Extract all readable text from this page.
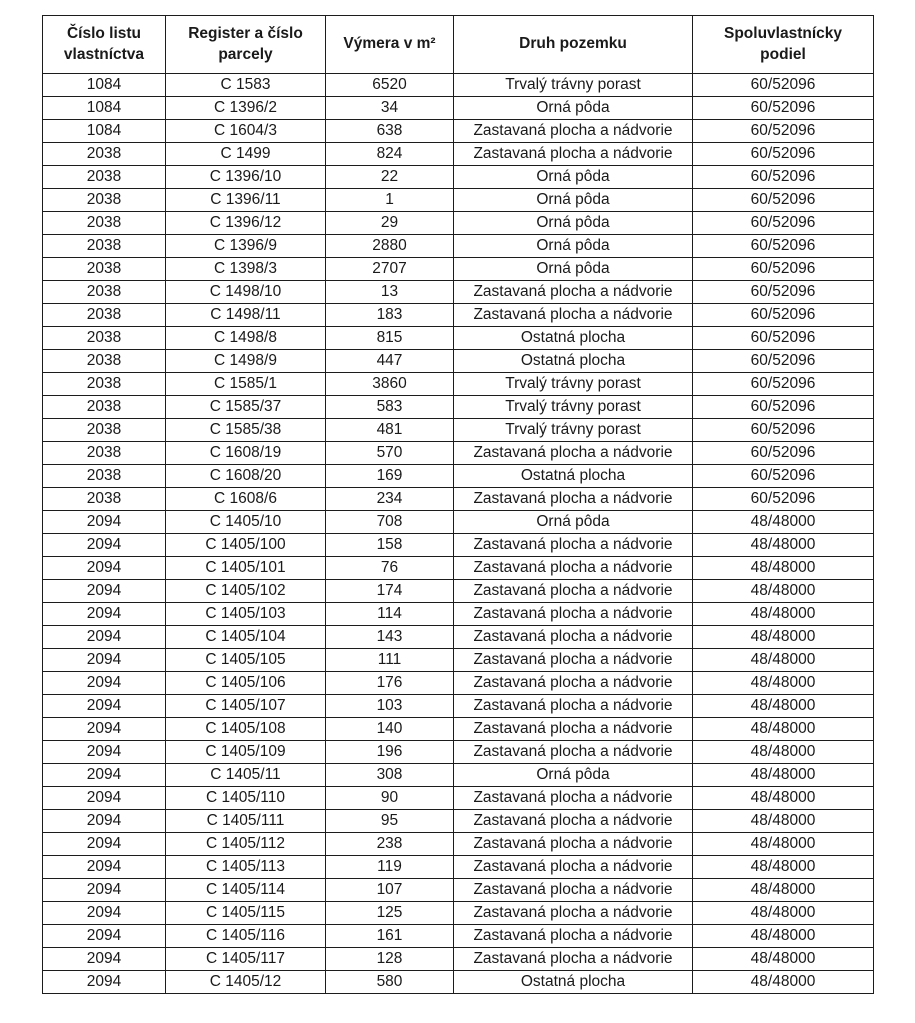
Číslo listu vlastníctva	Register a číslo parcely	Výmera v m²	Druh pozemku	Spoluvlastnícky podiel
1084	C 1583	6520	Trvalý trávny porast	60/52096
1084	C 1396/2	34	Orná pôda	60/52096
1084	C 1604/3	638	Zastavaná plocha a nádvorie	60/52096
2038	C 1499	824	Zastavaná plocha a nádvorie	60/52096
2038	C 1396/10	22	Orná pôda	60/52096
2038	C 1396/11	1	Orná pôda	60/52096
2038	C 1396/12	29	Orná pôda	60/52096
2038	C 1396/9	2880	Orná pôda	60/52096
2038	C 1398/3	2707	Orná pôda	60/52096
2038	C 1498/10	13	Zastavaná plocha a nádvorie	60/52096
2038	C 1498/11	183	Zastavaná plocha a nádvorie	60/52096
2038	C 1498/8	815	Ostatná plocha	60/52096
2038	C 1498/9	447	Ostatná plocha	60/52096
2038	C 1585/1	3860	Trvalý trávny porast	60/52096
2038	C 1585/37	583	Trvalý trávny porast	60/52096
2038	C 1585/38	481	Trvalý trávny porast	60/52096
2038	C 1608/19	570	Zastavaná plocha a nádvorie	60/52096
2038	C 1608/20	169	Ostatná plocha	60/52096
2038	C 1608/6	234	Zastavaná plocha a nádvorie	60/52096
2094	C 1405/10	708	Orná pôda	48/48000
2094	C 1405/100	158	Zastavaná plocha a nádvorie	48/48000
2094	C 1405/101	76	Zastavaná plocha a nádvorie	48/48000
2094	C 1405/102	174	Zastavaná plocha a nádvorie	48/48000
2094	C 1405/103	114	Zastavaná plocha a nádvorie	48/48000
2094	C 1405/104	143	Zastavaná plocha a nádvorie	48/48000
2094	C 1405/105	111	Zastavaná plocha a nádvorie	48/48000
2094	C 1405/106	176	Zastavaná plocha a nádvorie	48/48000
2094	C 1405/107	103	Zastavaná plocha a nádvorie	48/48000
2094	C 1405/108	140	Zastavaná plocha a nádvorie	48/48000
2094	C 1405/109	196	Zastavaná plocha a nádvorie	48/48000
2094	C 1405/11	308	Orná pôda	48/48000
2094	C 1405/110	90	Zastavaná plocha a nádvorie	48/48000
2094	C 1405/111	95	Zastavaná plocha a nádvorie	48/48000
2094	C 1405/112	238	Zastavaná plocha a nádvorie	48/48000
2094	C 1405/113	119	Zastavaná plocha a nádvorie	48/48000
2094	C 1405/114	107	Zastavaná plocha a nádvorie	48/48000
2094	C 1405/115	125	Zastavaná plocha a nádvorie	48/48000
2094	C 1405/116	161	Zastavaná plocha a nádvorie	48/48000
2094	C 1405/117	128	Zastavaná plocha a nádvorie	48/48000
2094	C 1405/12	580	Ostatná plocha	48/48000
